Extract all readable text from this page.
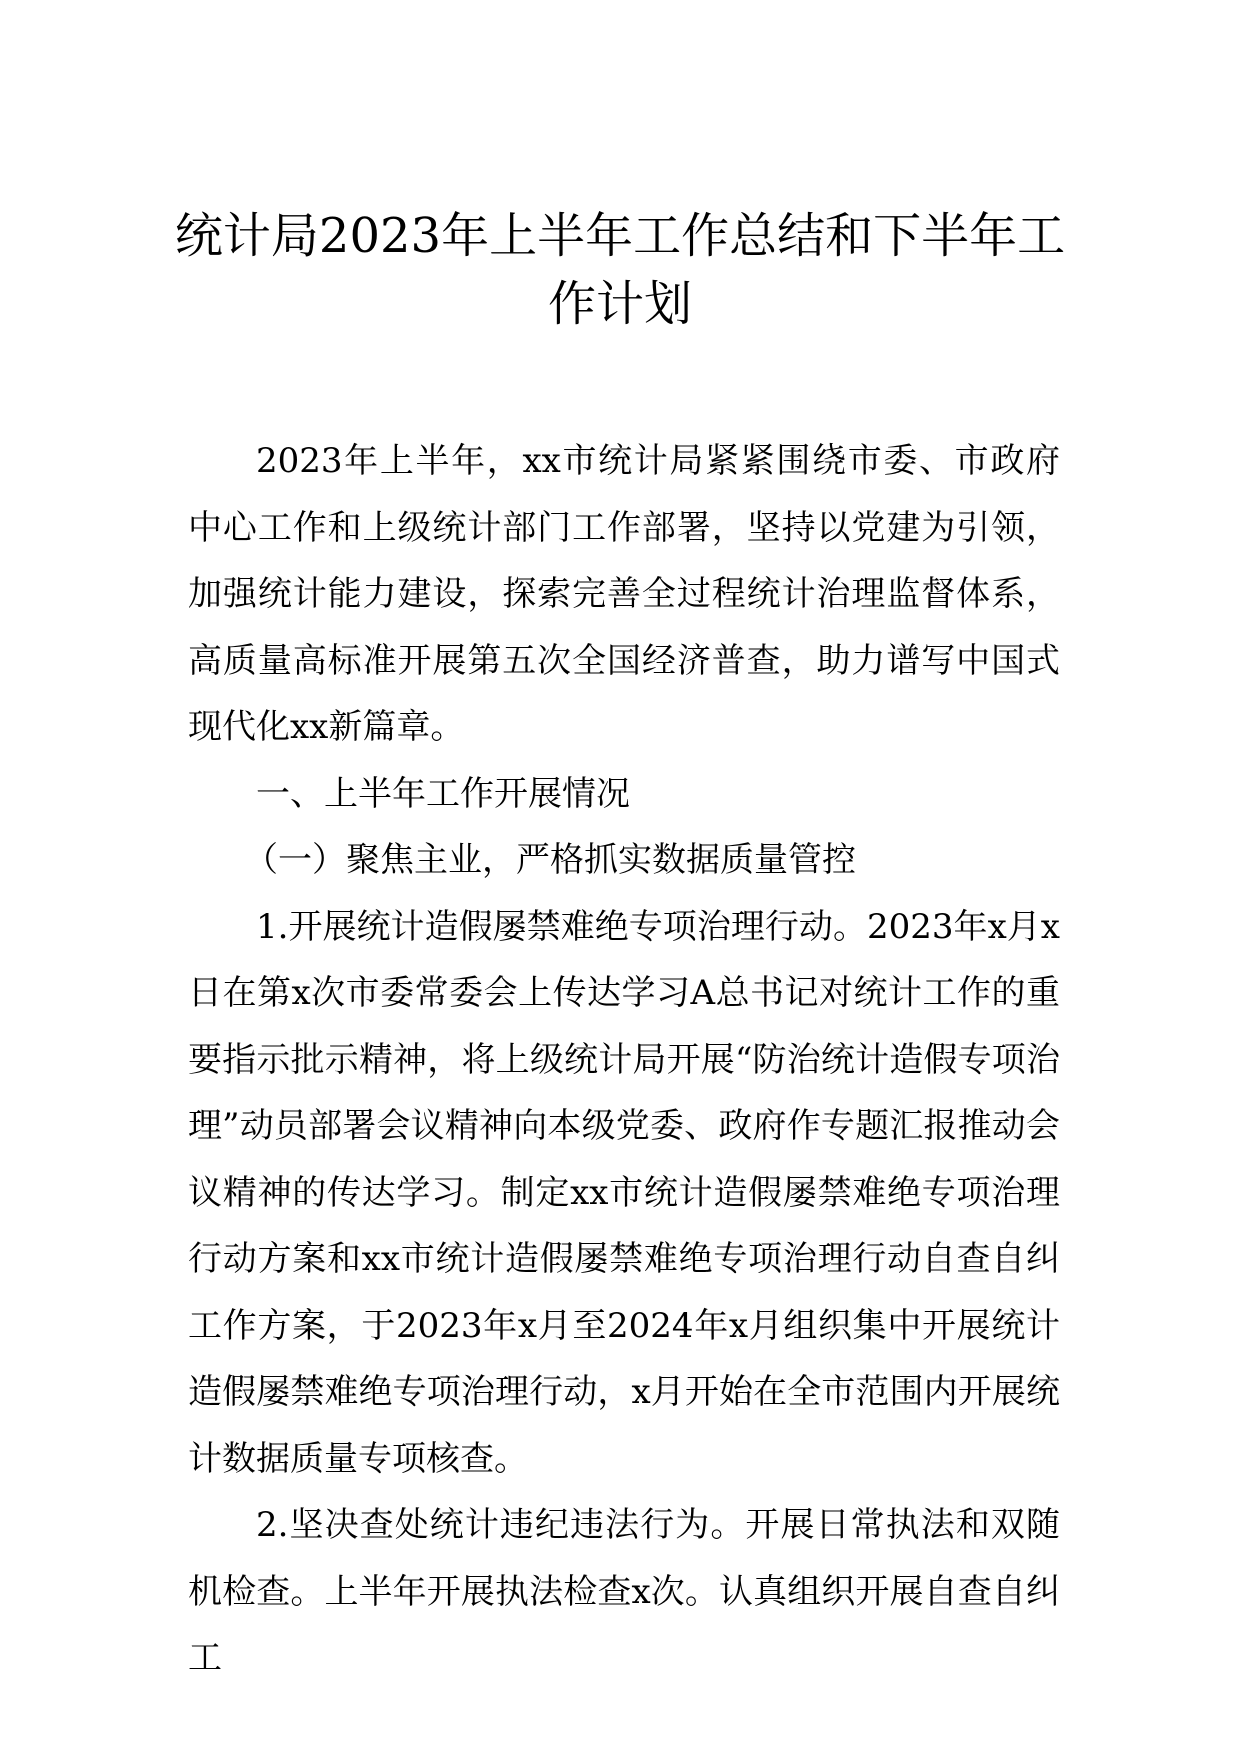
统计局2023年上半年工作总结和下半年工
作计划

2023年上半年，xx市统计局紧紧围绕市委、市政府中心工作和上级统计部门工作部署，坚持以党建为引领，加强统计能力建设，探索完善全过程统计治理监督体系，高质量高标准开展第五次全国经济普查，助力谱写中国式现代化xx新篇章。

一、上半年工作开展情况

（一）聚焦主业，严格抓实数据质量管控

1.开展统计造假屡禁难绝专项治理行动。2023年x月x日在第x次市委常委会上传达学习A总书记对统计工作的重要指示批示精神，将上级统计局开展“防治统计造假专项治理”动员部署会议精神向本级党委、政府作专题汇报推动会议精神的传达学习。制定xx市统计造假屡禁难绝专项治理行动方案和xx市统计造假屡禁难绝专项治理行动自查自纠工作方案，于2023年x月至2024年x月组织集中开展统计造假屡禁难绝专项治理行动，x月开始在全市范围内开展统计数据质量专项核查。

2.坚决查处统计违纪违法行为。开展日常执法和双随机检查。上半年开展执法检查x次。认真组织开展自查自纠工
